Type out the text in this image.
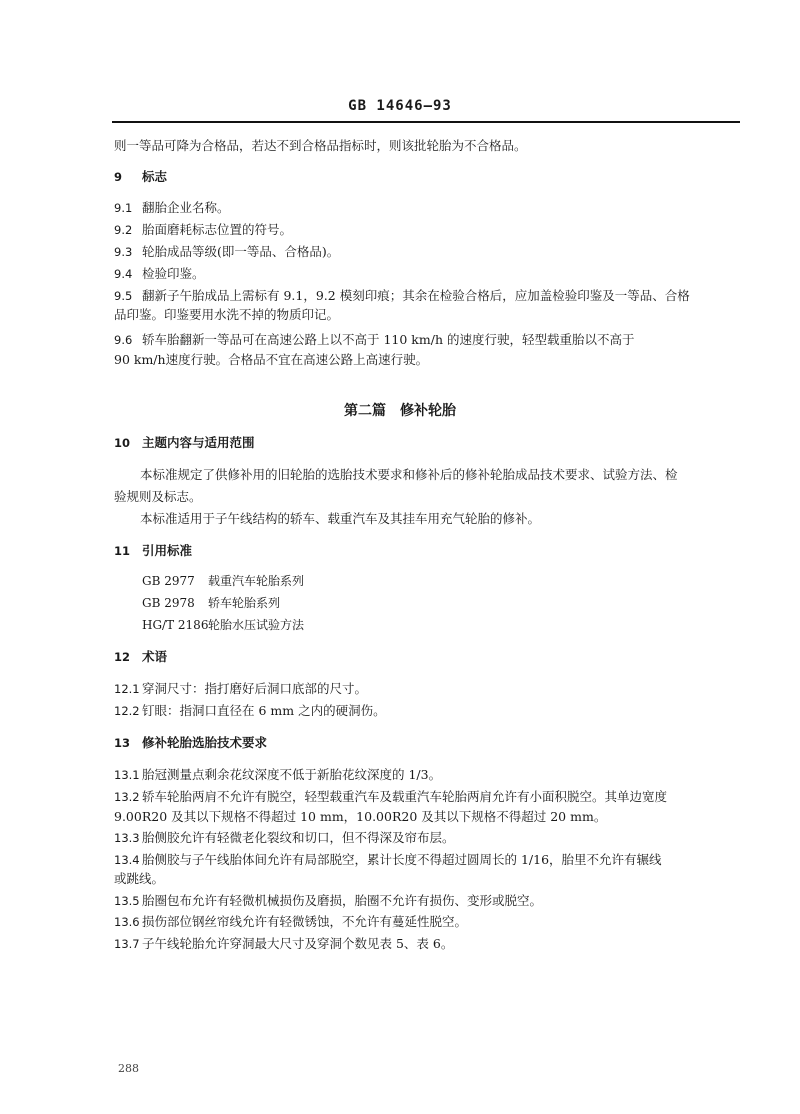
GB 14646—93
则一等品可降为合格品，若达不到合格品指标时，则该批轮胎为不合格品。
9 标志
9.1 翻胎企业名称。
9.2 胎面磨耗标志位置的符号。
9.3 轮胎成品等级(即一等品、合格品)。
9.4 检验印鉴。
9.5 翻新子午胎成品上需标有 9.1，9.2 模刻印痕；其余在检验合格后，应加盖检验印鉴及一等品、合格
品印鉴。印鉴要用水洗不掉的物质印记。
9.6 轿车胎翻新一等品可在高速公路上以不高于 110 km/h 的速度行驶，轻型载重胎以不高于
90 km/h速度行驶。合格品不宜在高速公路上高速行驶。
第二篇　修补轮胎
10 主题内容与适用范围
本标准规定了供修补用的旧轮胎的选胎技术要求和修补后的修补轮胎成品技术要求、试验方法、检
验规则及标志。
本标准适用于子午线结构的轿车、载重汽车及其挂车用充气轮胎的修补。
11 引用标准
GB 2977 载重汽车轮胎系列
GB 2978 轿车轮胎系列
HG/T 2186轮胎水压试验方法
12 术语
12.1 穿洞尺寸：指打磨好后洞口底部的尺寸。
12.2 钉眼：指洞口直径在 6 mm 之内的硬洞伤。
13 修补轮胎选胎技术要求
13.1 胎冠测量点剩余花纹深度不低于新胎花纹深度的 1/3。
13.2 轿车轮胎两肩不允许有脱空，轻型载重汽车及载重汽车轮胎两肩允许有小面积脱空。其单边宽度
9.00R20 及其以下规格不得超过 10 mm，10.00R20 及其以下规格不得超过 20 mm。
13.3 胎侧胶允许有轻微老化裂纹和切口，但不得深及帘布层。
13.4 胎侧胶与子午线胎体间允许有局部脱空，累计长度不得超过圆周长的 1/16，胎里不允许有辗线
或跳线。
13.5 胎圈包布允许有轻微机械损伤及磨损，胎圈不允许有损伤、变形或脱空。
13.6 损伤部位钢丝帘线允许有轻微锈蚀，不允许有蔓延性脱空。
13.7 子午线轮胎允许穿洞最大尺寸及穿洞个数见表 5、表 6。
288
